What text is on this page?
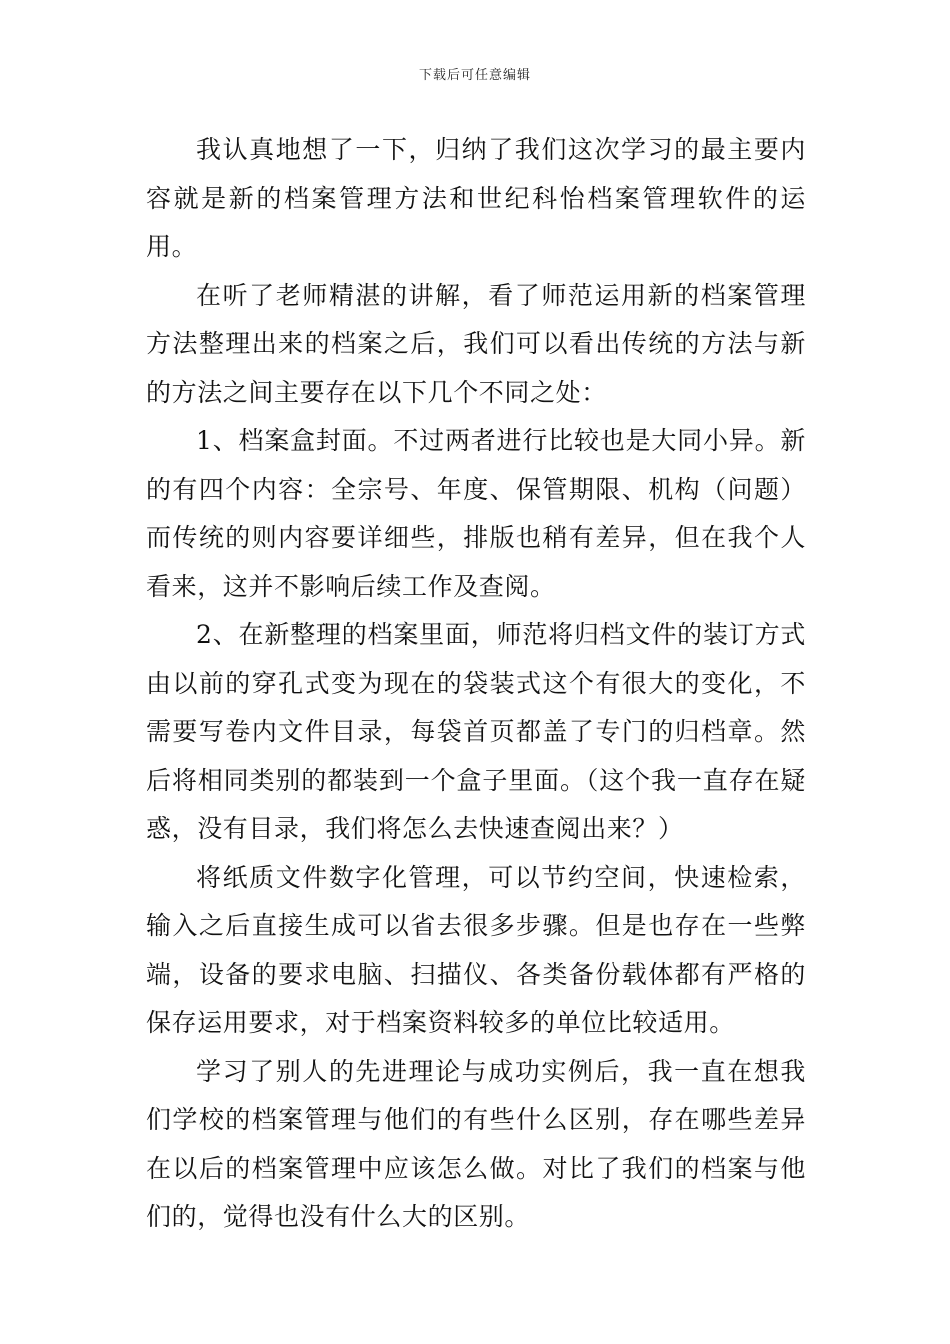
下载后可任意编辑

我认真地想了一下，归纳了我们这次学习的最主要内容就是新的档案管理方法和世纪科怡档案管理软件的运用。

在听了老师精湛的讲解，看了师范运用新的档案管理方法整理出来的档案之后，我们可以看出传统的方法与新的方法之间主要存在以下几个不同之处：

1、档案盒封面。不过两者进行比较也是大同小异。新的有四个内容：全宗号、年度、保管期限、机构（问题）而传统的则内容要详细些，排版也稍有差异，但在我个人看来，这并不影响后续工作及查阅。

2、在新整理的档案里面，师范将归档文件的装订方式由以前的穿孔式变为现在的袋装式这个有很大的变化，不需要写卷内文件目录，每袋首页都盖了专门的归档章。然后将相同类别的都装到一个盒子里面。（这个我一直存在疑惑，没有目录，我们将怎么去快速查阅出来？）

将纸质文件数字化管理，可以节约空间，快速检索，输入之后直接生成可以省去很多步骤。但是也存在一些弊端，设备的要求电脑、扫描仪、各类备份载体都有严格的保存运用要求，对于档案资料较多的单位比较适用。

学习了别人的先进理论与成功实例后，我一直在想我们学校的档案管理与他们的有些什么区别，存在哪些差异在以后的档案管理中应该怎么做。对比了我们的档案与他们的，觉得也没有什么大的区别。
